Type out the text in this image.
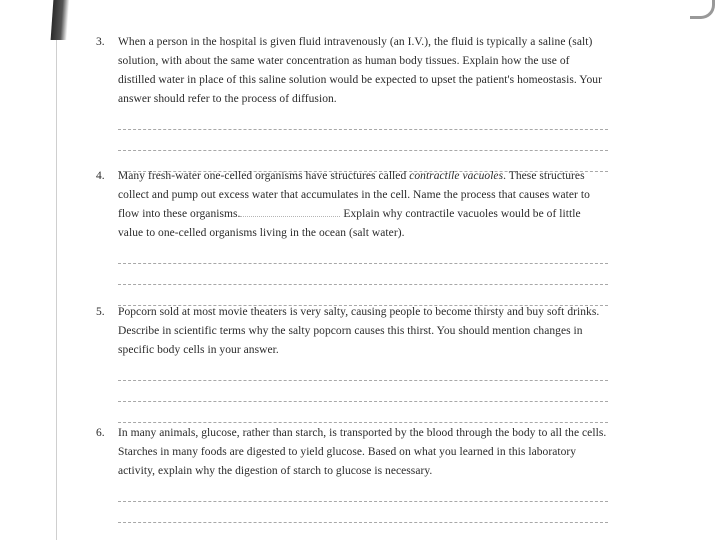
3.	When a person in the hospital is given fluid intravenously (an I.V.), the fluid is typically a saline (salt) solution, with about the same water concentration as human body tissues. Explain how the use of distilled water in place of this saline solution would be expected to upset the patient's homeostasis. Your answer should refer to the process of diffusion.
4.	Many fresh-water one-celled organisms have structures called contractile vacuoles. These structures collect and pump out excess water that accumulates in the cell. Name the process that causes water to flow into these organisms.	Explain why contractile vacuoles would be of little value to one-celled organisms living in the ocean (salt water).
5.	Popcorn sold at most movie theaters is very salty, causing people to become thirsty and buy soft drinks. Describe in scientific terms why the salty popcorn causes this thirst. You should mention changes in specific body cells in your answer.
6.	In many animals, glucose, rather than starch, is transported by the blood through the body to all the cells. Starches in many foods are digested to yield glucose. Based on what you learned in this laboratory activity, explain why the digestion of starch to glucose is necessary.
